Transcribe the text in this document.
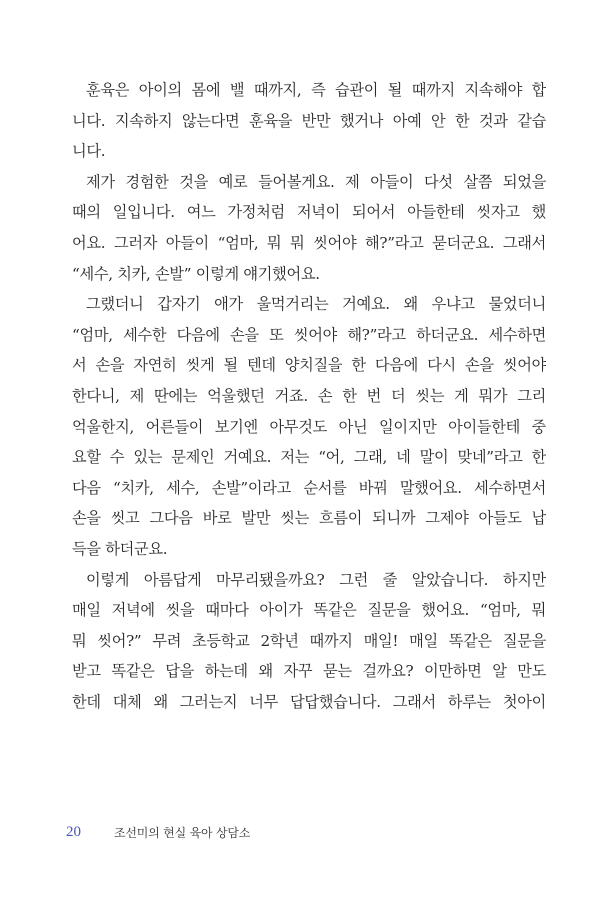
훈육은 아이의 몸에 밸 때까지, 즉 습관이 될 때까지 지속해야 합
니다. 지속하지 않는다면 훈육을 반만 했거나 아예 안 한 것과 같습
니다.
제가 경험한 것을 예로 들어볼게요. 제 아들이 다섯 살쯤 되었을
때의 일입니다. 여느 가정처럼 저녁이 되어서 아들한테 씻자고 했
어요. 그러자 아들이 “엄마, 뭐 뭐 씻어야 해?”라고 묻더군요. 그래서
“세수, 치카, 손발” 이렇게 얘기했어요.
그랬더니 갑자기 애가 울먹거리는 거예요. 왜 우냐고 물었더니
“엄마, 세수한 다음에 손을 또 씻어야 해?”라고 하더군요. 세수하면
서 손을 자연히 씻게 될 텐데 양치질을 한 다음에 다시 손을 씻어야
한다니, 제 딴에는 억울했던 거죠. 손 한 번 더 씻는 게 뭐가 그리
억울한지, 어른들이 보기엔 아무것도 아닌 일이지만 아이들한테 중
요할 수 있는 문제인 거예요. 저는 “어, 그래, 네 말이 맞네”라고 한
다음 “치카, 세수, 손발”이라고 순서를 바꿔 말했어요. 세수하면서
손을 씻고 그다음 바로 발만 씻는 흐름이 되니까 그제야 아들도 납
득을 하더군요.
이렇게 아름답게 마무리됐을까요? 그런 줄 알았습니다. 하지만
매일 저녁에 씻을 때마다 아이가 똑같은 질문을 했어요. “엄마, 뭐
뭐 씻어?” 무려 초등학교 2학년 때까지 매일! 매일 똑같은 질문을
받고 똑같은 답을 하는데 왜 자꾸 묻는 걸까요? 이만하면 알 만도
한데 대체 왜 그러는지 너무 답답했습니다. 그래서 하루는 첫아이
20	조선미의 현실 육아 상담소
